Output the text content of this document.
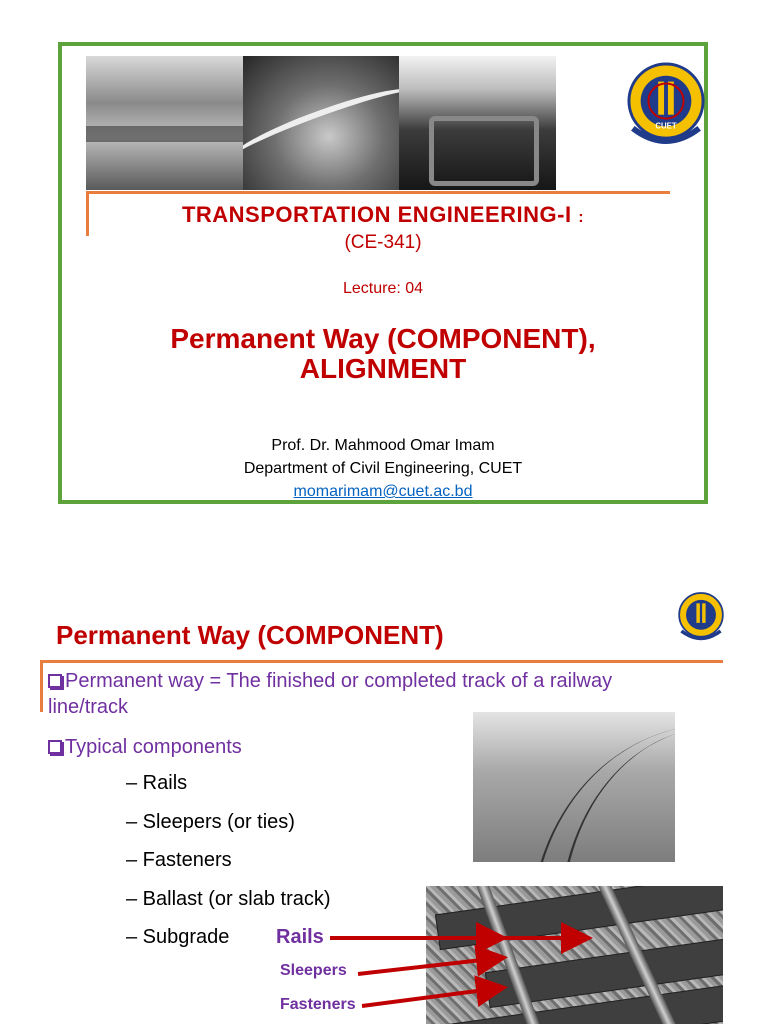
CUET
TRANSPORTATION ENGINEERING-I :
(CE-341)
Lecture: 04
Permanent Way (COMPONENT),
ALIGNMENT
Prof. Dr. Mahmood Omar Imam
Department of Civil Engineering, CUET
momarimam@cuet.ac.bd
Permanent Way (COMPONENT)
Permanent way = The finished or completed track of a railway line/track
Typical components
– Rails
– Sleepers (or ties)
– Fasteners
– Ballast (or slab track)
– Subgrade Rails
Sleepers
Fasteners
